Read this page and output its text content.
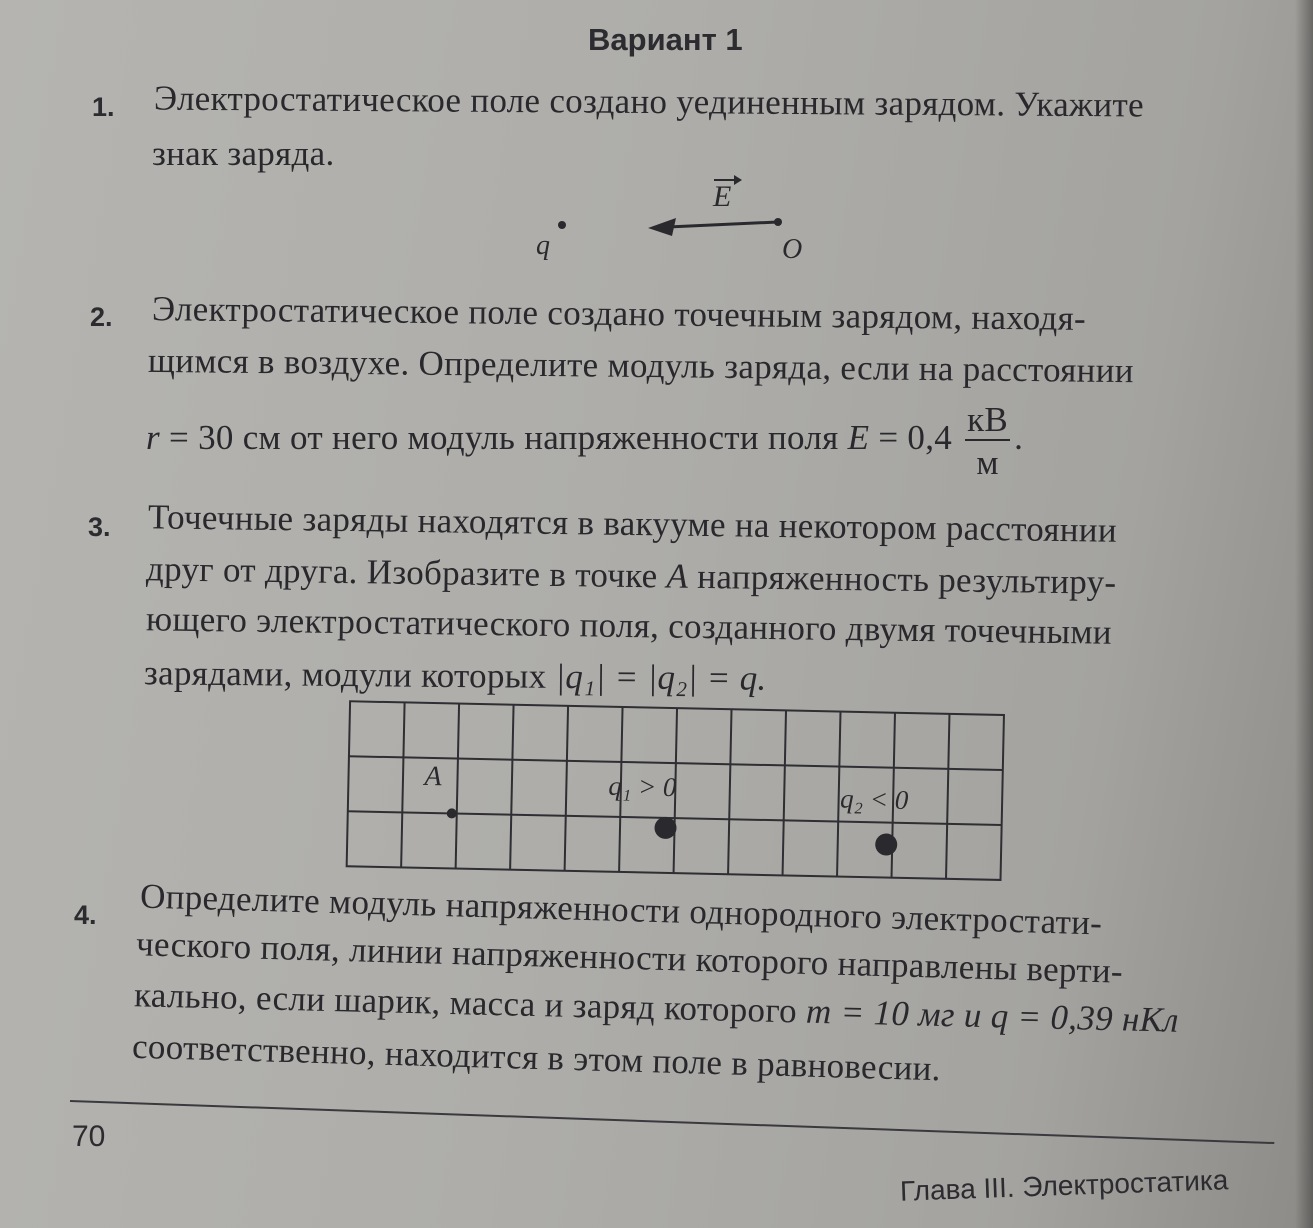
Вариант 1
1. Электростатическое поле создано уединенным зарядом. Укажите
знак заряда.
E
q	O
2. Электростатическое поле создано точечным зарядом, находя-
щимся в воздухе. Определите модуль заряда, если на расстоянии
r = 30 см от него модуль напряженности поля $E = 0,4 \frac{кВ}{м}$ .
3. Точечные заряды находятся в вакууме на некотором расстоянии
друг от друга. Изобразите в точке A напряженность результиру-
ющего электростатического поля, созданного двумя точечными
зарядами, модули которых |q₁| = |q₂| = q.
A	q₁ > 0	q₂ < 0
4. Определите модуль напряженности однородного электростати-
ческого поля, линии напряженности которого направлены верти-
кально, если шарик, масса и заряд которого m = 10 мг и q = 0,39 нКл
соответственно, находится в этом поле в равновесии.
70
Глава III. Электростатика
